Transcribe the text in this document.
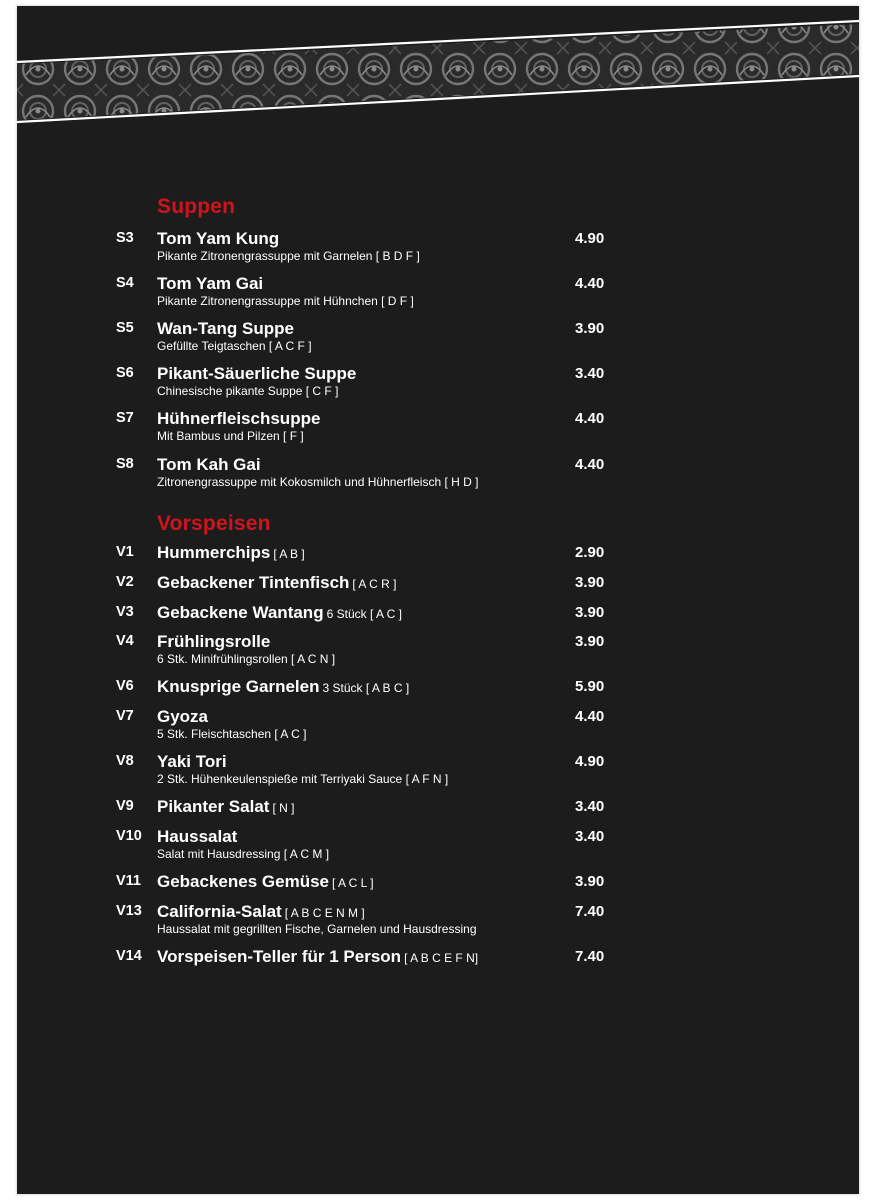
Suppen
S3 Tom Yam Kung
Pikante Zitronengrassuppe mit Garnelen [ B D F ]
4.90
S4 Tom Yam Gai
Pikante Zitronengrassuppe mit Hühnchen [ D F ]
4.40
S5 Wan-Tang Suppe
Gefüllte Teigtaschen [ A C F ]
3.90
S6 Pikant-Säuerliche Suppe
Chinesische pikante Suppe [ C F ]
3.40
S7 Hühnerfleischsuppe
Mit Bambus und Pilzen [ F ]
4.40
S8 Tom Kah Gai
Zitronengrassuppe mit Kokosmilch und Hühnerfleisch [ H D ]
4.40
Vorspeisen
V1 Hummerchips [ A B ]	2.90
V2 Gebackener Tintenfisch [ A C R ]	3.90
V3 Gebackene Wantang 6 Stück [ A C ]	3.90
V4 Frühlingsrolle
6 Stk. Minifrühlingsrollen [ A C N ]
3.90
V6 Knusprige Garnelen 3 Stück [ A B C ]	5.90
V7 Gyoza
5 Stk. Fleischtaschen [ A C ]
4.40
V8 Yaki Tori
2 Stk. Hühenkeulenspieße mit Terriyaki Sauce [ A F N ]
4.90
V9 Pikanter Salat [ N ]	3.40
V10 Haussalat
Salat mit Hausdressing [ A C M ]
3.40
V11 Gebackenes Gemüse [ A C L ]	3.90
V13 California-Salat [ A B C E N M ]
Haussalat mit gegrillten Fische, Garnelen und Hausdressing
7.40
V14 Vorspeisen-Teller für 1 Person [ A B C E F N]	7.40
